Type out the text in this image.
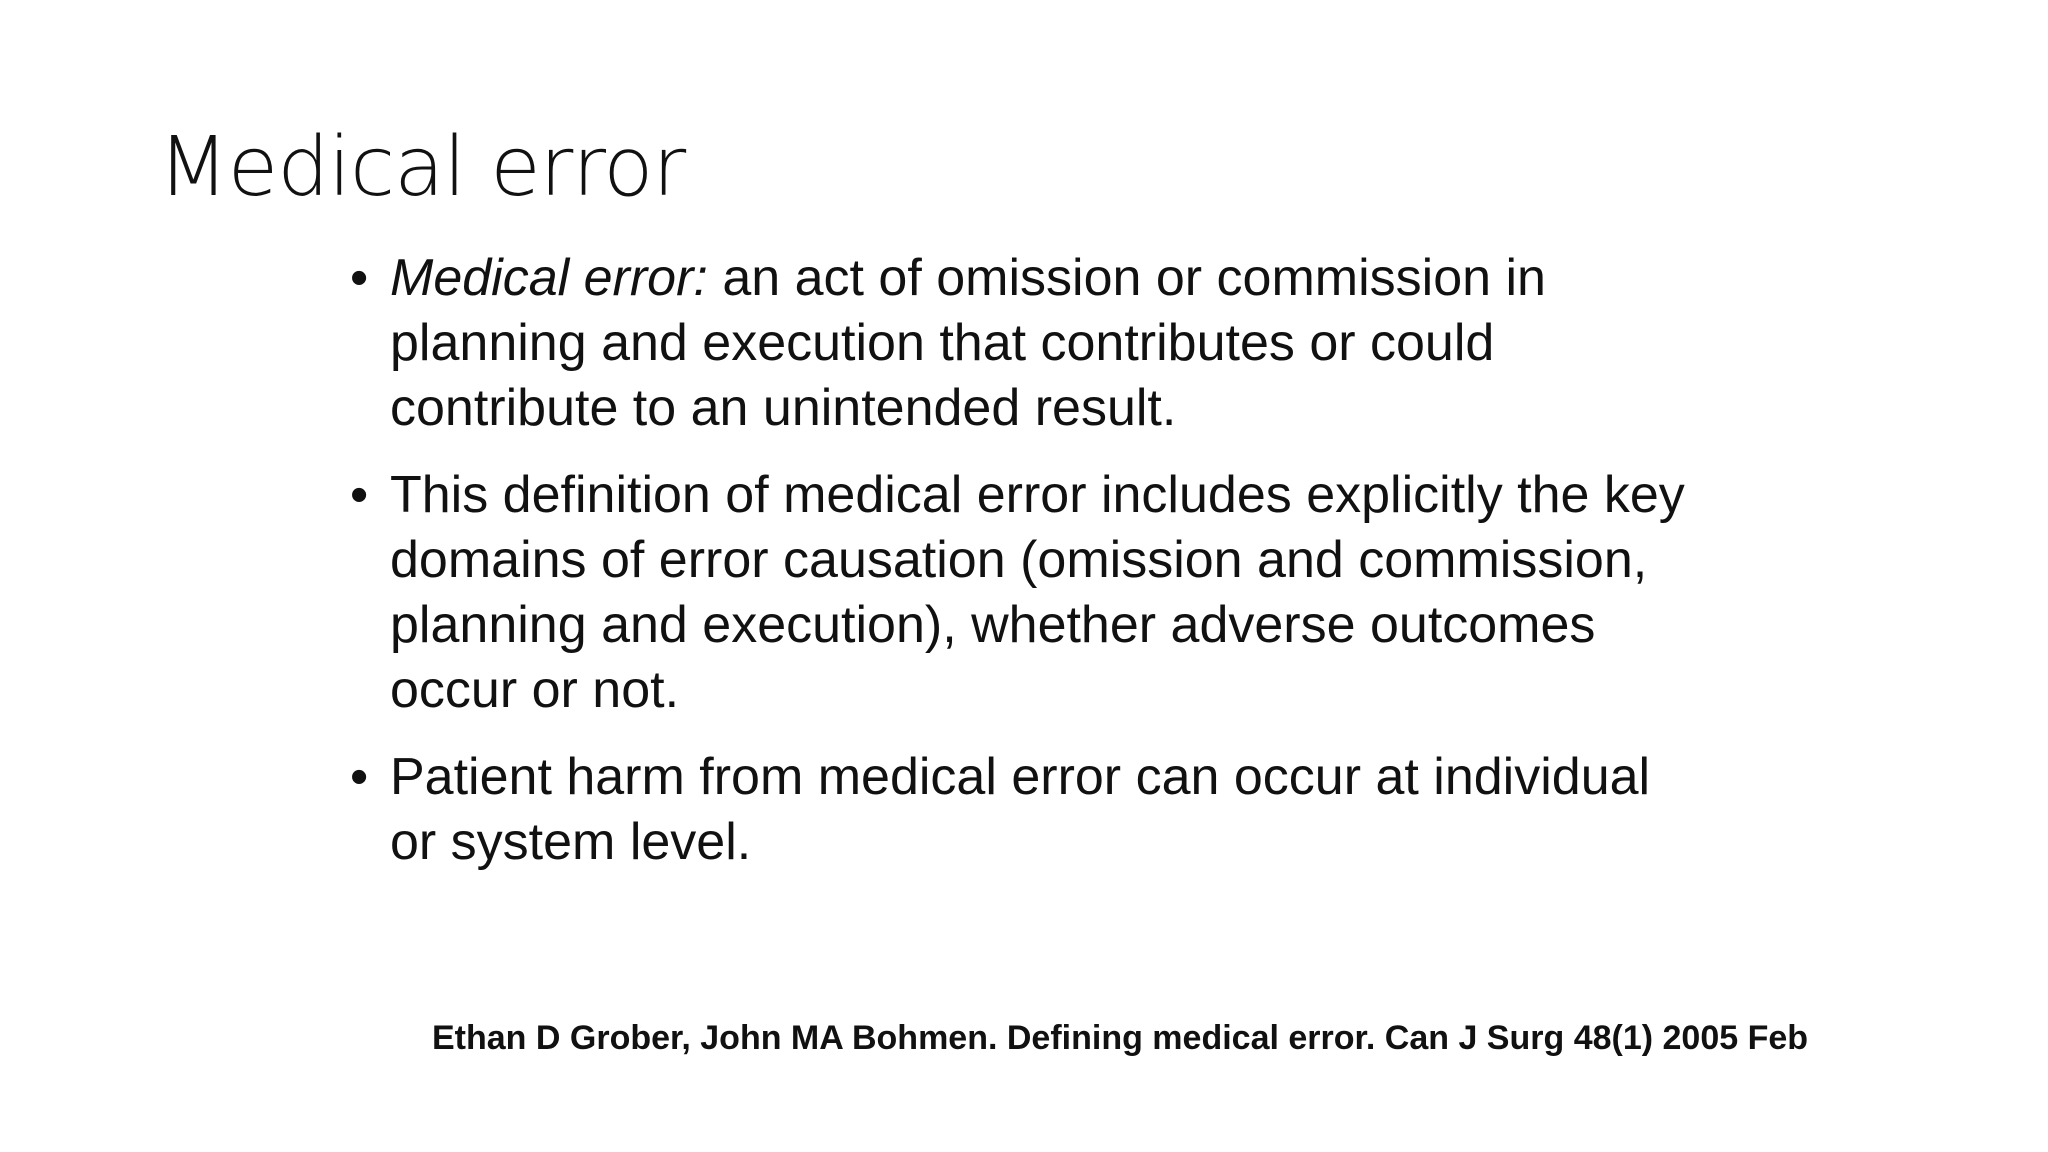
Medical error
• Medical error: an act of omission or commission in planning and execution that contributes or could contribute to an unintended result.
• This definition of medical error includes explicitly the key domains of error causation (omission and commission, planning and execution), whether adverse outcomes occur or not.
• Patient harm from medical error can occur at individual or system level.
Ethan D Grober, John MA Bohmen. Defining medical error. Can J Surg 48(1) 2005 Feb
